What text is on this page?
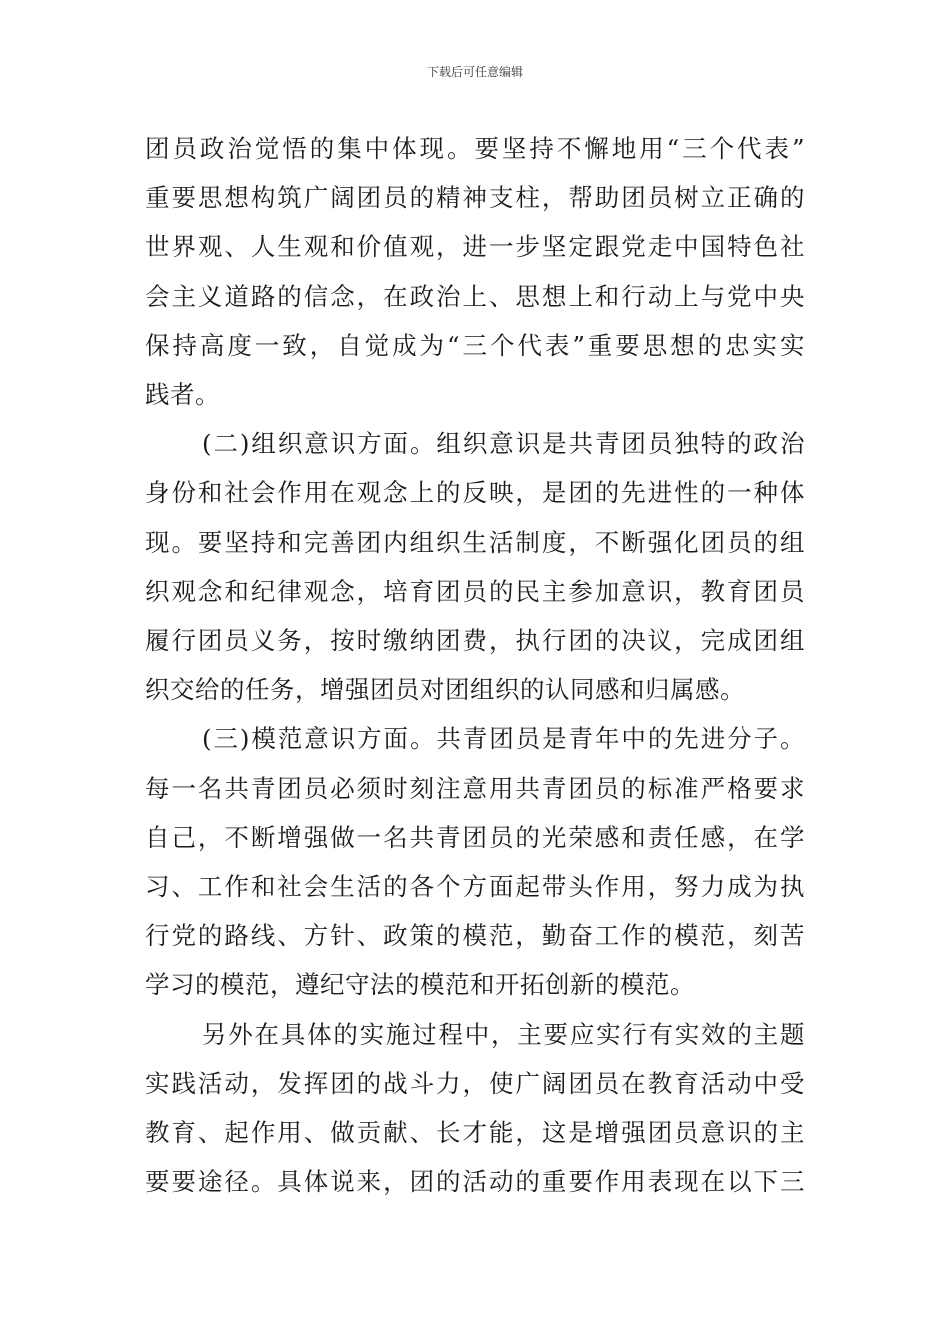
下载后可任意编辑
团员政治觉悟的集中体现。要坚持不懈地用“三个代表”
重要思想构筑广阔团员的精神支柱，帮助团员树立正确的
世界观、人生观和价值观，进一步坚定跟党走中国特色社
会主义道路的信念，在政治上、思想上和行动上与党中央
保持高度一致，自觉成为“三个代表”重要思想的忠实实
践者。
(二)组织意识方面。组织意识是共青团员独特的政治
身份和社会作用在观念上的反映，是团的先进性的一种体
现。要坚持和完善团内组织生活制度，不断强化团员的组
织观念和纪律观念，培育团员的民主参加意识，教育团员
履行团员义务，按时缴纳团费，执行团的决议，完成团组
织交给的任务，增强团员对团组织的认同感和归属感。
(三)模范意识方面。共青团员是青年中的先进分子。
每一名共青团员必须时刻注意用共青团员的标准严格要求
自己，不断增强做一名共青团员的光荣感和责任感，在学
习、工作和社会生活的各个方面起带头作用，努力成为执
行党的路线、方针、政策的模范，勤奋工作的模范，刻苦
学习的模范，遵纪守法的模范和开拓创新的模范。
另外在具体的实施过程中，主要应实行有实效的主题
实践活动，发挥团的战斗力，使广阔团员在教育活动中受
教育、起作用、做贡献、长才能，这是增强团员意识的主
要要途径。具体说来，团的活动的重要作用表现在以下三
